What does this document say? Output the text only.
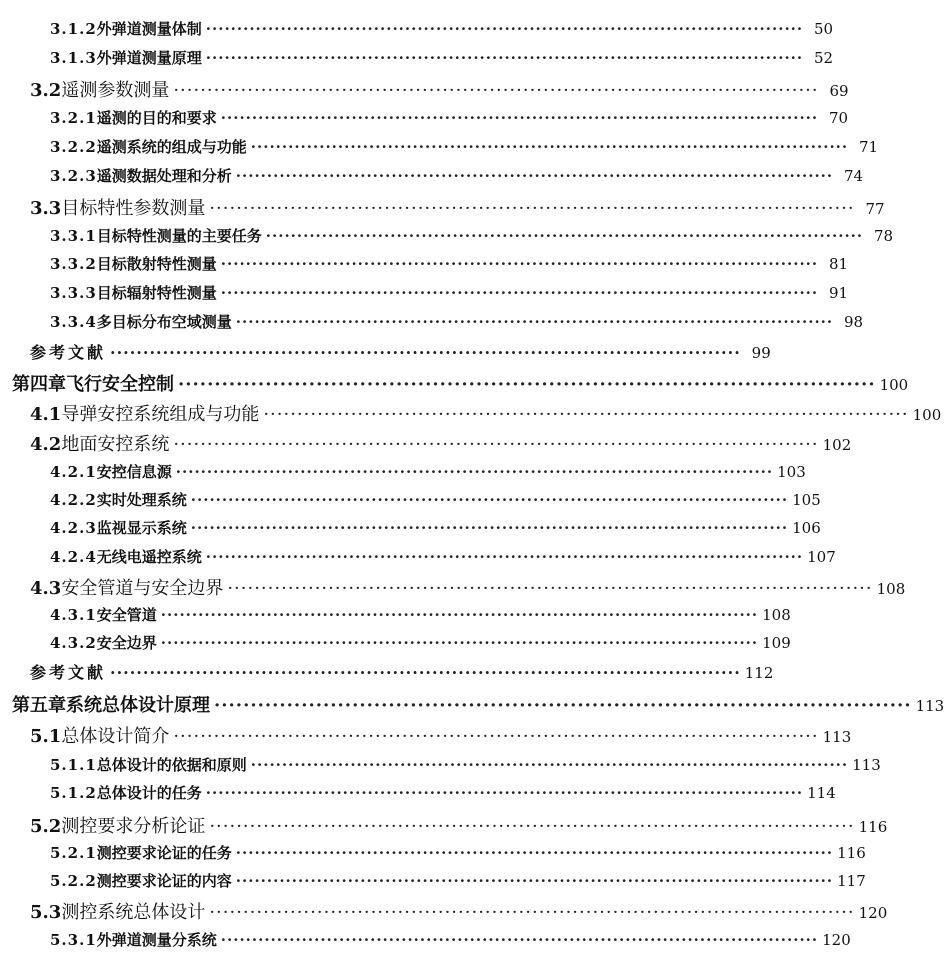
3.1.2 外弹道测量体制 ································································································ 50
3.1.3 外弹道测量原理 ································································································ 52
3.2 遥测参数测量 ································································································ 69
3.2.1 遥测的目的和要求 ································································································ 70
3.2.2 遥测系统的组成与功能 ································································································ 71
3.2.3 遥测数据处理和分析 ································································································ 74
3.3 目标特性参数测量 ································································································ 77
3.3.1 目标特性测量的主要任务 ································································································ 78
3.3.2 目标散射特性测量 ································································································ 81
3.3.3 目标辐射特性测量 ································································································ 91
3.3.4 多目标分布空域测量 ································································································ 98
参考文献 ································································································ 99
第四章 飞行安全控制 ································································································ 100
4.1 导弹安控系统组成与功能 ································································································ 100
4.2 地面安控系统 ································································································ 102
4.2.1 安控信息源 ································································································ 103
4.2.2 实时处理系统 ································································································ 105
4.2.3 监视显示系统 ································································································ 106
4.2.4 无线电遥控系统 ································································································ 107
4.3 安全管道与安全边界 ································································································ 108
4.3.1 安全管道 ································································································ 108
4.3.2 安全边界 ································································································ 109
参考文献 ································································································ 112
第五章 系统总体设计原理 ································································································ 113
5.1 总体设计简介 ································································································ 113
5.1.1 总体设计的依据和原则 ································································································ 113
5.1.2 总体设计的任务 ································································································ 114
5.2 测控要求分析论证 ································································································ 116
5.2.1 测控要求论证的任务 ································································································ 116
5.2.2 测控要求论证的内容 ································································································ 117
5.3 测控系统总体设计 ································································································ 120
5.3.1 外弹道测量分系统 ································································································ 120
